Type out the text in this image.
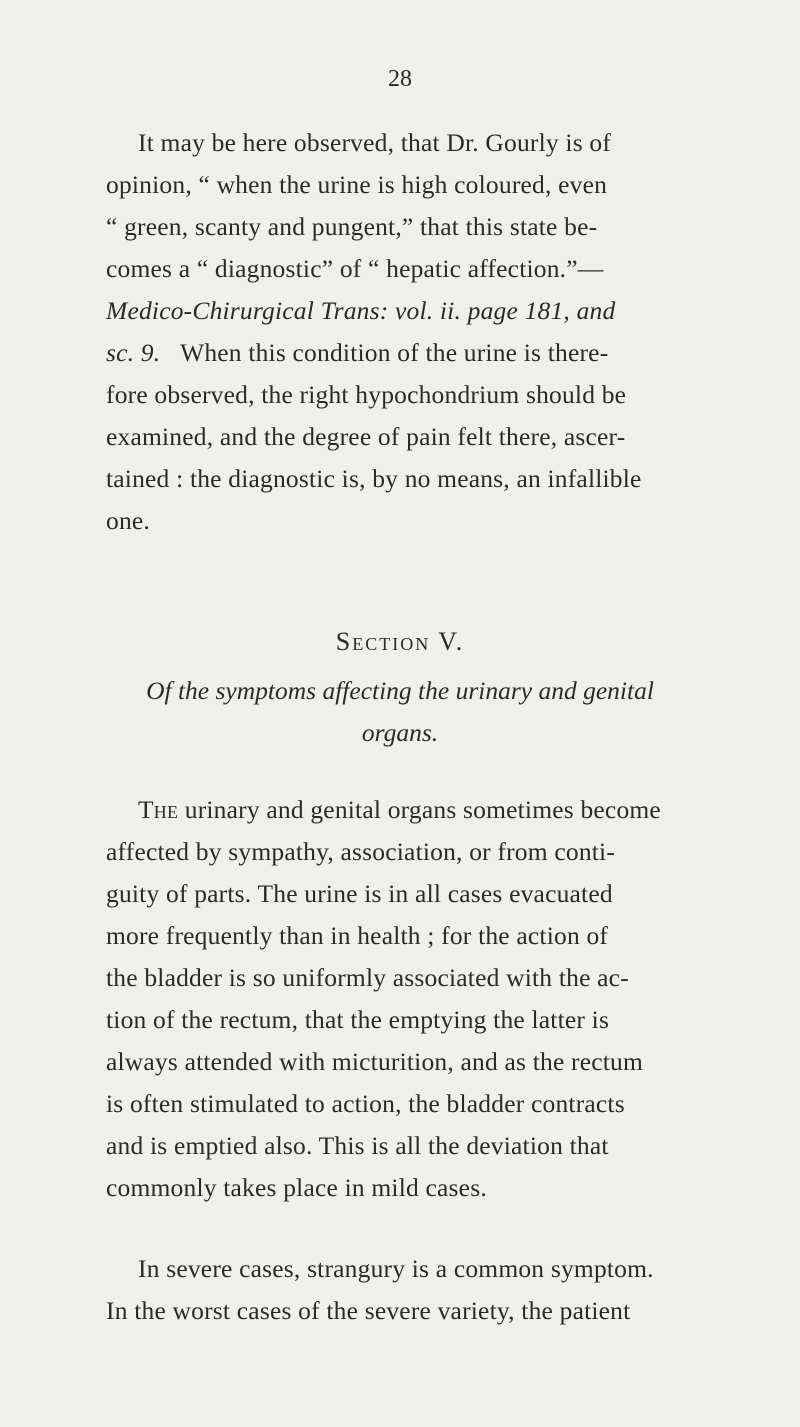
28
It may be here observed, that Dr. Gourly is of
opinion, “ when the urine is high coloured, even
“ green, scanty and pungent,” that this state be-
comes a “ diagnostic” of “ hepatic affection.”—
Medico-Chirurgical Trans: vol. ii. page 181, and
sc. 9. When this condition of the urine is there-
fore observed, the right hypochondrium should be
examined, and the degree of pain felt there, ascer-
tained : the diagnostic is, by no means, an infallible
one.
Section V.
Of the symptoms affecting the urinary and genital
organs.
The urinary and genital organs sometimes become
affected by sympathy, association, or from conti-
guity of parts. The urine is in all cases evacuated
more frequently than in health ; for the action of
the bladder is so uniformly associated with the ac-
tion of the rectum, that the emptying the latter is
always attended with micturition, and as the rectum
is often stimulated to action, the bladder contracts
and is emptied also. This is all the deviation that
commonly takes place in mild cases.
In severe cases, strangury is a common symptom.
In the worst cases of the severe variety, the patient
